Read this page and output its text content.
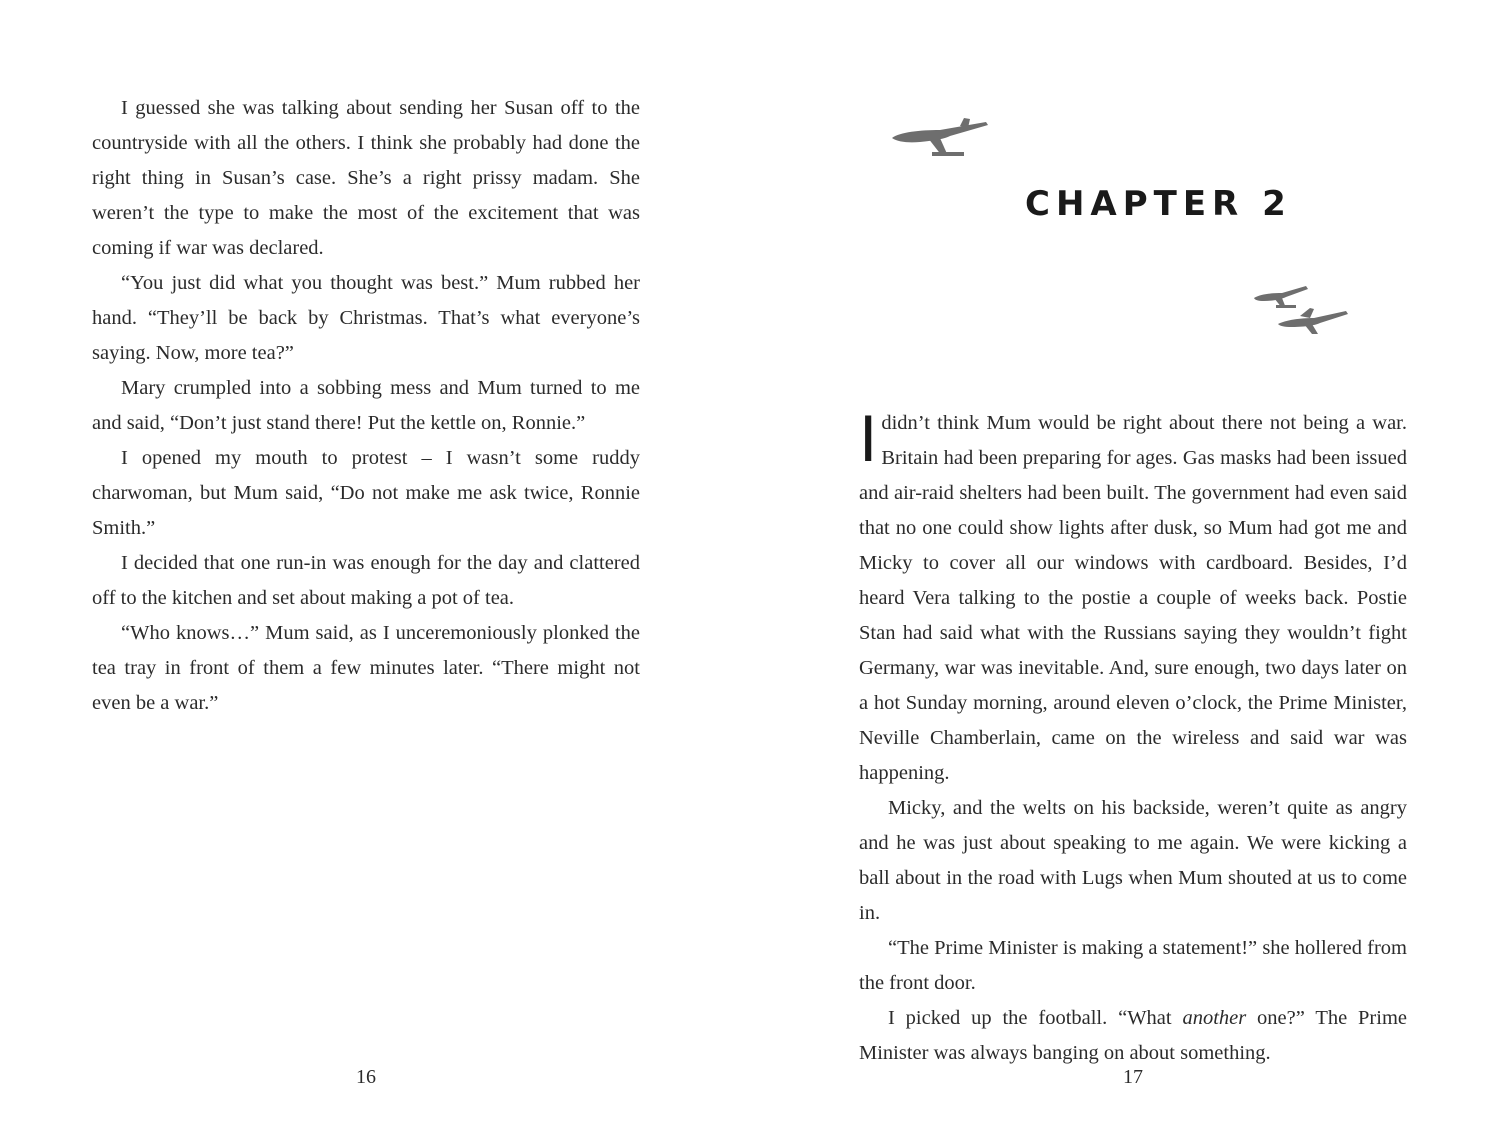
I guessed she was talking about sending her Susan off to the countryside with all the others. I think she probably had done the right thing in Susan’s case. She’s a right prissy madam. She weren’t the type to make the most of the excitement that was coming if war was declared.

“You just did what you thought was best.” Mum rubbed her hand. “They’ll be back by Christmas. That’s what everyone’s saying. Now, more tea?”

Mary crumpled into a sobbing mess and Mum turned to me and said, “Don’t just stand there! Put the kettle on, Ronnie.”

I opened my mouth to protest – I wasn’t some ruddy charwoman, but Mum said, “Do not make me ask twice, Ronnie Smith.”

I decided that one run-in was enough for the day and clattered off to the kitchen and set about making a pot of tea.

“Who knows…” Mum said, as I unceremoniously plonked the tea tray in front of them a few minutes later. “There might not even be a war.”

16
CHAPTER 2

Ididn’t think Mum would be right about there not being a war. Britain had been preparing for ages. Gas masks had been issued and air-raid shelters had been built. The government had even said that no one could show lights after dusk, so Mum had got me and Micky to cover all our windows with cardboard. Besides, I’d heard Vera talking to the postie a couple of weeks back. Postie Stan had said what with the Russians saying they wouldn’t fight Germany, war was inevitable. And, sure enough, two days later on a hot Sunday morning, around eleven o’clock, the Prime Minister, Neville Chamberlain, came on the wireless and said war was happening.

Micky, and the welts on his backside, weren’t quite as angry and he was just about speaking to me again. We were kicking a ball about in the road with Lugs when Mum shouted at us to come in.

“The Prime Minister is making a statement!” she hollered from the front door.

I picked up the football. “What another one?” The Prime Minister was always banging on about something.

17
